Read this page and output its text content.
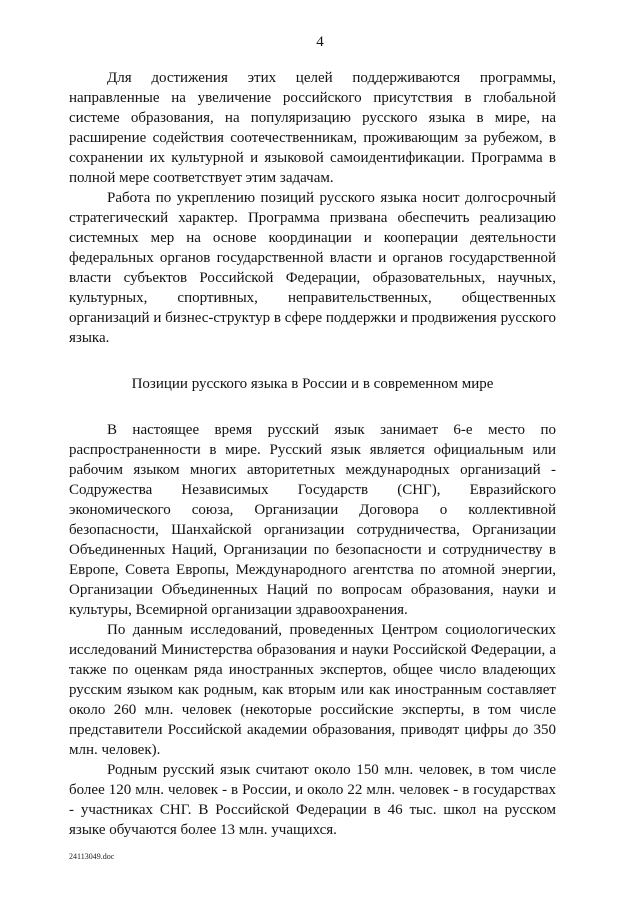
4

Для достижения этих целей поддерживаются программы, направленные на увеличение российского присутствия в глобальной системе образования, на популяризацию русского языка в мире, на расширение содействия соотечественникам, проживающим за рубежом, в сохранении их культурной и языковой самоидентификации. Программа в полной мере соответствует этим задачам.

Работа по укреплению позиций русского языка носит долгосрочный стратегический характер. Программа призвана обеспечить реализацию системных мер на основе координации и кооперации деятельности федеральных органов государственной власти и органов государственной власти субъектов Российской Федерации, образовательных, научных, культурных, спортивных, неправительственных, общественных организаций и бизнес-структур в сфере поддержки и продвижения русского языка.

Позиции русского языка в России и в современном мире

В настоящее время русский язык занимает 6-е место по распространенности в мире. Русский язык является официальным или рабочим языком многих авторитетных международных организаций - Содружества Независимых Государств (СНГ), Евразийского экономического союза, Организации Договора о коллективной безопасности, Шанхайской организации сотрудничества, Организации Объединенных Наций, Организации по безопасности и сотрудничеству в Европе, Совета Европы, Международного агентства по атомной энергии, Организации Объединенных Наций по вопросам образования, науки и культуры, Всемирной организации здравоохранения.

По данным исследований, проведенных Центром социологических исследований Министерства образования и науки Российской Федерации, а также по оценкам ряда иностранных экспертов, общее число владеющих русским языком как родным, как вторым или как иностранным составляет около 260 млн. человек (некоторые российские эксперты, в том числе представители Российской академии образования, приводят цифры до 350 млн. человек).

Родным русский язык считают около 150 млн. человек, в том числе более 120 млн. человек - в России, и около 22 млн. человек - в государствах - участниках СНГ. В Российской Федерации в 46 тыс. школ на русском языке обучаются более 13 млн. учащихся.

24113049.doc
